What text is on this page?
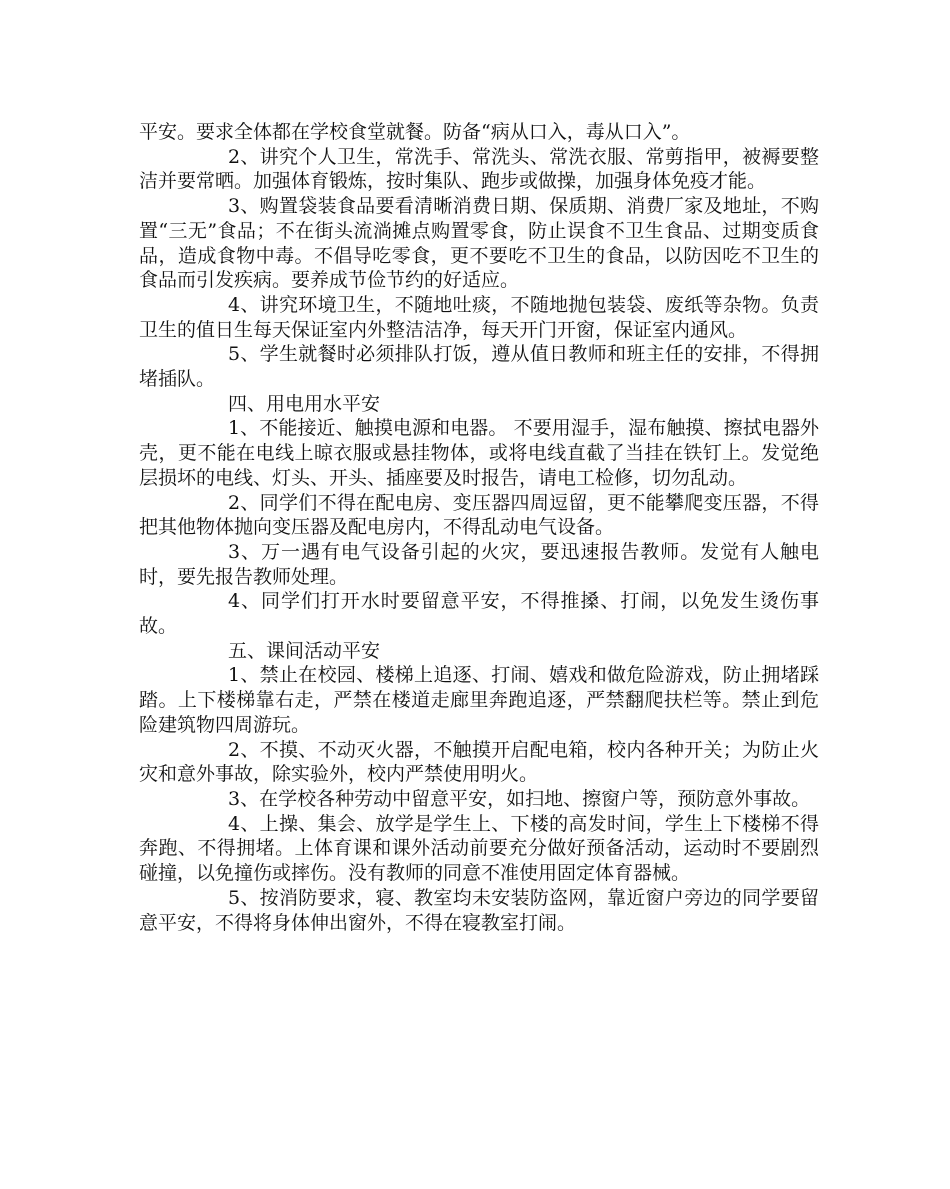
平安。要求全体都在学校食堂就餐。防备“病从口入，毒从口入”。

2、讲究个人卫生，常洗手、常洗头、常洗衣服、常剪指甲，被褥要整洁并要常晒。加强体育锻炼，按时集队、跑步或做操，加强身体免疫才能。

3、购置袋装食品要看清晰消费日期、保质期、消费厂家及地址，不购置“三无”食品；不在街头流淌摊点购置零食，防止误食不卫生食品、过期变质食品，造成食物中毒。不倡导吃零食，更不要吃不卫生的食品，以防因吃不卫生的食品而引发疾病。要养成节俭节约的好适应。

4、讲究环境卫生，不随地吐痰，不随地抛包装袋、废纸等杂物。负责卫生的值日生每天保证室内外整洁洁净，每天开门开窗，保证室内通风。

5、学生就餐时必须排队打饭，遵从值日教师和班主任的安排，不得拥堵插队。

四、用电用水平安

1、不能接近、触摸电源和电器。 不要用湿手，湿布触摸、擦拭电器外壳，更不能在电线上晾衣服或悬挂物体，或将电线直截了当挂在铁钉上。发觉绝层损坏的电线、灯头、开头、插座要及时报告，请电工检修，切勿乱动。

2、同学们不得在配电房、变压器四周逗留，更不能攀爬变压器，不得把其他物体抛向变压器及配电房内，不得乱动电气设备。

3、万一遇有电气设备引起的火灾，要迅速报告教师。发觉有人触电时，要先报告教师处理。

4、同学们打开水时要留意平安，不得推搡、打闹，以免发生烫伤事故。

五、课间活动平安

1、禁止在校园、楼梯上追逐、打闹、嬉戏和做危险游戏，防止拥堵踩踏。上下楼梯靠右走，严禁在楼道走廊里奔跑追逐，严禁翻爬扶栏等。禁止到危险建筑物四周游玩。

2、不摸、不动灭火器，不触摸开启配电箱，校内各种开关；为防止火灾和意外事故，除实验外，校内严禁使用明火。

3、在学校各种劳动中留意平安，如扫地、擦窗户等，预防意外事故。

4、上操、集会、放学是学生上、下楼的高发时间，学生上下楼梯不得奔跑、不得拥堵。上体育课和课外活动前要充分做好预备活动，运动时不要剧烈碰撞，以免撞伤或摔伤。没有教师的同意不准使用固定体育器械。

5、按消防要求，寝、教室均未安装防盗网，靠近窗户旁边的同学要留意平安，不得将身体伸出窗外，不得在寝教室打闹。
